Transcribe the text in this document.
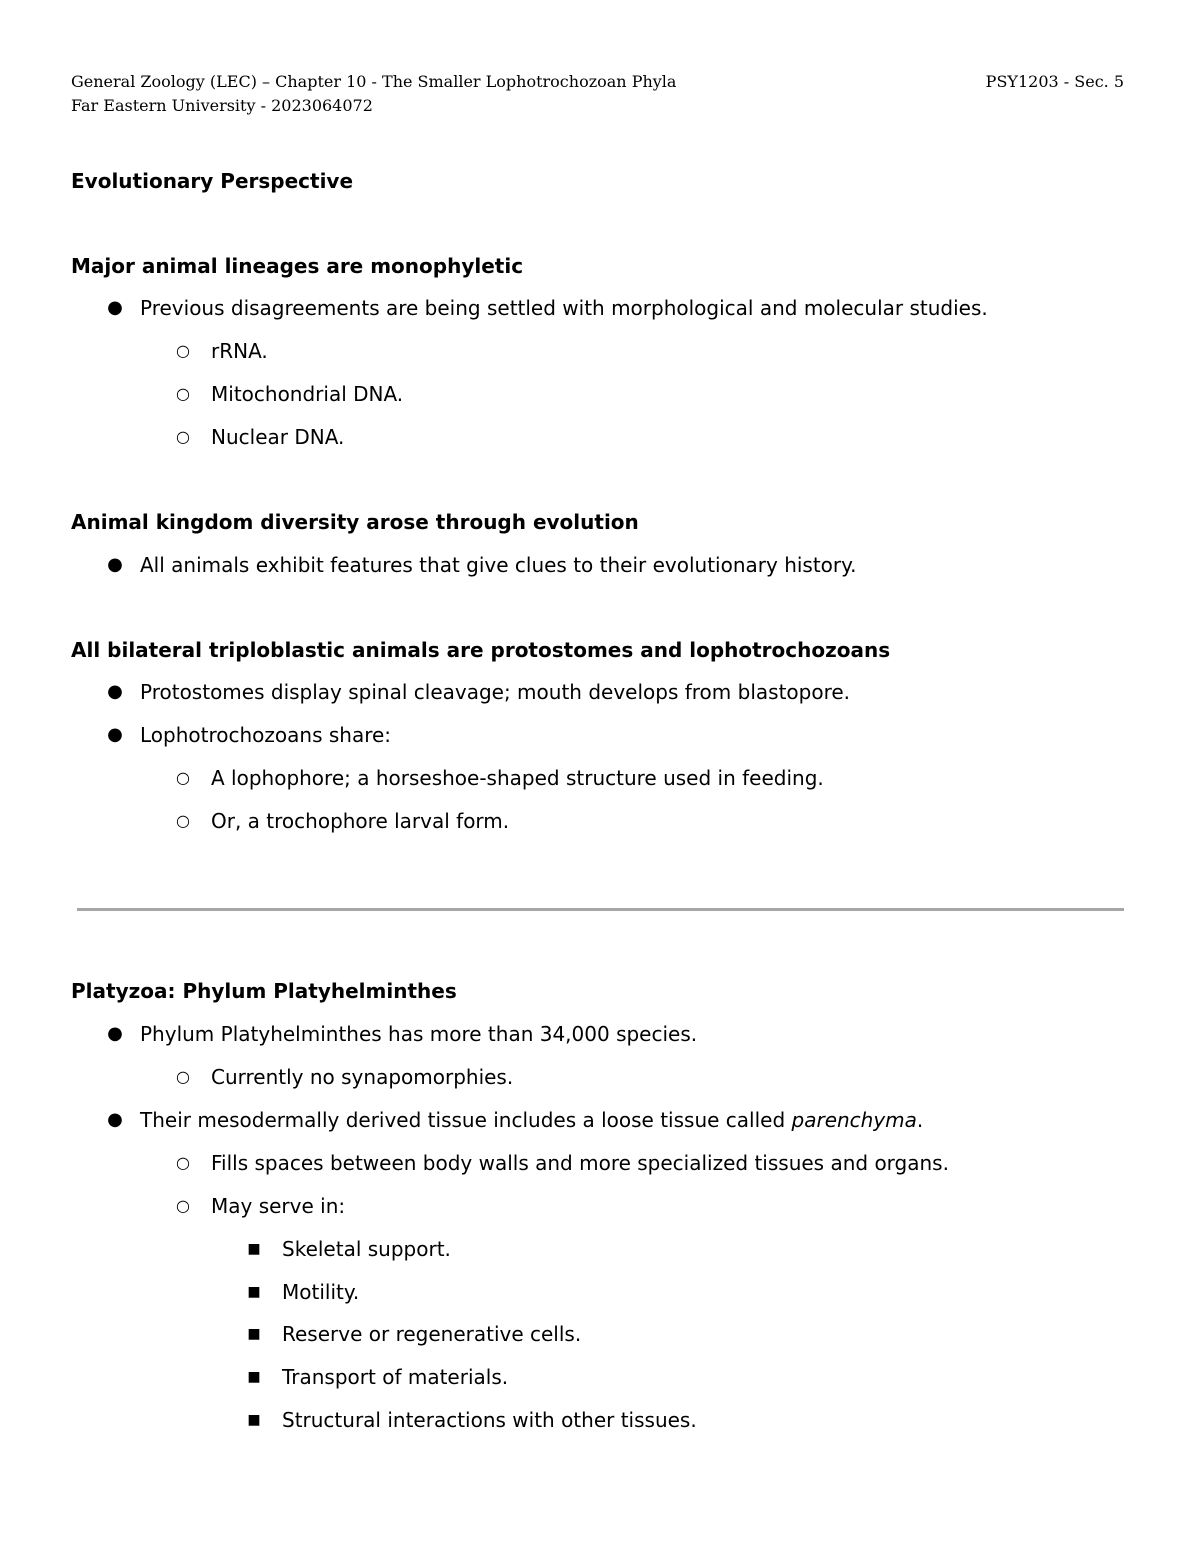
General Zoology (LEC) – Chapter 10 - The Smaller Lophotrochozoan Phyla
Far Eastern University - 2023064072
PSY1203 - Sec. 5
Evolutionary Perspective
Major animal lineages are monophyletic
● Previous disagreements are being settled with morphological and molecular studies.
○	rRNA.
○	Mitochondrial DNA.
○	Nuclear DNA.
Animal kingdom diversity arose through evolution
● All animals exhibit features that give clues to their evolutionary history.
All bilateral triploblastic animals are protostomes and lophotrochozoans
● Protostomes display spinal cleavage; mouth develops from blastopore.
● Lophotrochozoans share:
○	A lophophore; a horseshoe-shaped structure used in feeding.
○	Or, a trochophore larval form.
Platyzoa: Phylum Platyhelminthes
● Phylum Platyhelminthes has more than 34,000 species.
○	Currently no synapomorphies.
● Their mesodermally derived tissue includes a loose tissue called parenchyma.
○	Fills spaces between body walls and more specialized tissues and organs.
○	May serve in:
■	Skeletal support.
■	Motility.
■	Reserve or regenerative cells.
■	Transport of materials.
■	Structural interactions with other tissues.
